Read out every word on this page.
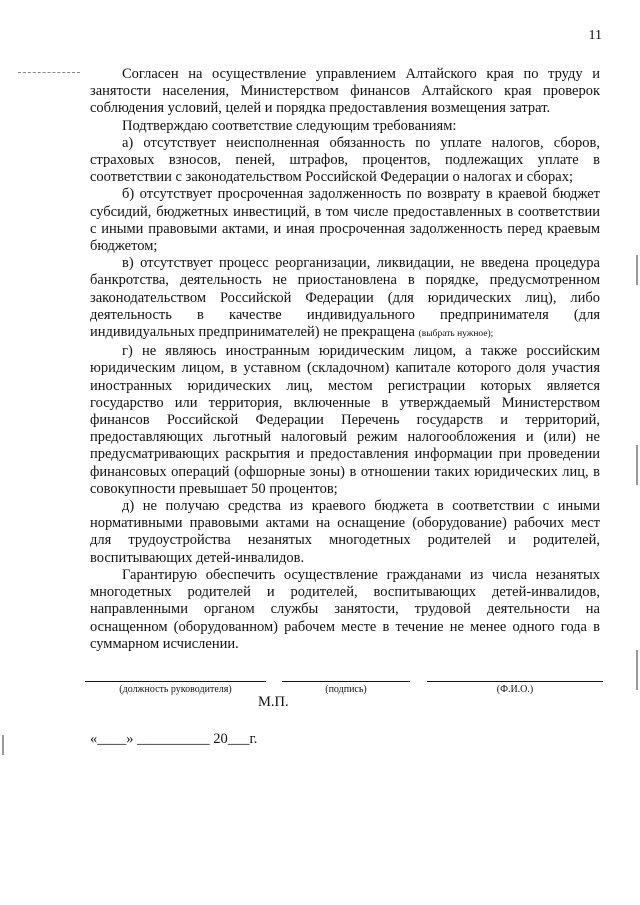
11

Согласен на осуществление управлением Алтайского края по труду и занятости населения, Министерством финансов Алтайского края проверок соблюдения условий, целей и порядка предоставления возмещения затрат.

Подтверждаю соответствие следующим требованиям:

а) отсутствует неисполненная обязанность по уплате налогов, сборов, страховых взносов, пеней, штрафов, процентов, подлежащих уплате в соответствии с законодательством Российской Федерации о налогах и сборах;

б) отсутствует просроченная задолженность по возврату в краевой бюджет субсидий, бюджетных инвестиций, в том числе предоставленных в соответствии с иными правовыми актами, и иная просроченная задолженность перед краевым бюджетом;

в) отсутствует процесс реорганизации, ликвидации, не введена процедура банкротства, деятельность не приостановлена в порядке, предусмотренном законодательством Российской Федерации (для юридических лиц), либо деятельность в качестве индивидуального предпринимателя (для индивидуальных предпринимателей) не прекращена (выбрать нужное);

г) не являюсь иностранным юридическим лицом, а также российским юридическим лицом, в уставном (складочном) капитале которого доля участия иностранных юридических лиц, местом регистрации которых является государство или территория, включенные в утверждаемый Министерством финансов Российской Федерации Перечень государств и территорий, предоставляющих льготный налоговый режим налогообложения и (или) не предусматривающих раскрытия и предоставления информации при проведении финансовых операций (офшорные зоны) в отношении таких юридических лиц, в совокупности превышает 50 процентов;

д) не получаю средства из краевого бюджета в соответствии с иными нормативными правовыми актами на оснащение (оборудование) рабочих мест для трудоустройства незанятых многодетных родителей и родителей, воспитывающих детей-инвалидов.

Гарантирую обеспечить осуществление гражданами из числа незанятых многодетных родителей и родителей, воспитывающих детей-инвалидов, направленными органом службы занятости, трудовой деятельности на оснащенном (оборудованном) рабочем месте в течение не менее одного года в суммарном исчислении.

(должность руководителя)	(подпись)	(Ф.И.О.)
М.П.
«____» __________ 20___г.
